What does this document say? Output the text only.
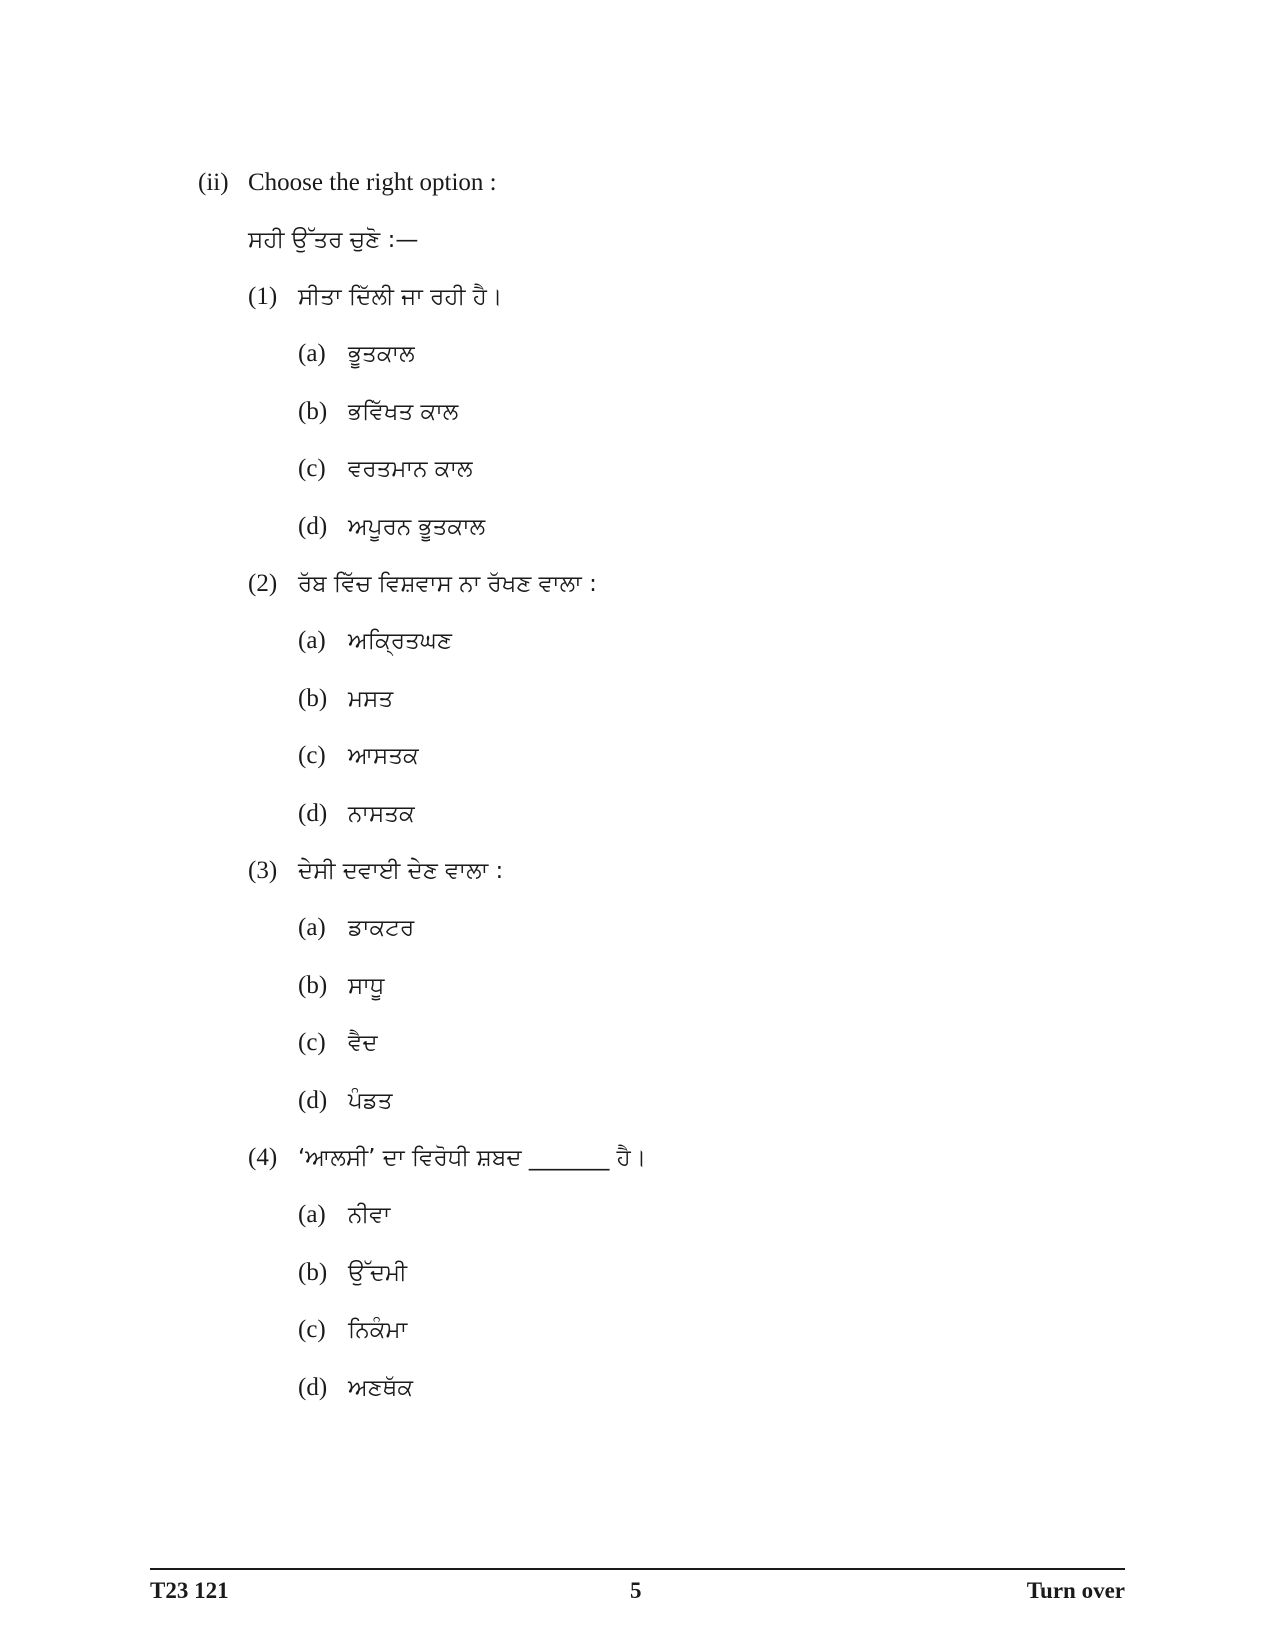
(ii) Choose the right option :
ਸਹੀ ਉੱਤਰ ਚੁਣੋ :—
(1) ਸੀਤਾ ਦਿੱਲੀ ਜਾ ਰਹੀ ਹੈ।
(a) ਭੂਤਕਾਲ
(b) ਭਵਿੱਖਤ ਕਾਲ
(c) ਵਰਤਮਾਨ ਕਾਲ
(d) ਅਪੂਰਨ ਭੂਤਕਾਲ
(2) ਰੱਬ ਵਿੱਚ ਵਿਸ਼ਵਾਸ ਨਾ ਰੱਖਣ ਵਾਲਾ :
(a) ਅਕ੍ਰਿਤਘਣ
(b) ਮਸਤ
(c) ਆਸਤਕ
(d) ਨਾਸਤਕ
(3) ਦੇਸੀ ਦਵਾਈ ਦੇਣ ਵਾਲਾ :
(a) ਡਾਕਟਰ
(b) ਸਾਧੂ
(c) ਵੈਦ
(d) ਪੰਡਤ
(4) ‘ਆਲਸੀ’ ਦਾ ਵਿਰੋਧੀ ਸ਼ਬਦ _______ ਹੈ।
(a) ਨੀਵਾ
(b) ਉੱਦਮੀ
(c) ਨਿਕੰਮਾ
(d) ਅਣਥੱਕ
T23 121	5	Turn over
